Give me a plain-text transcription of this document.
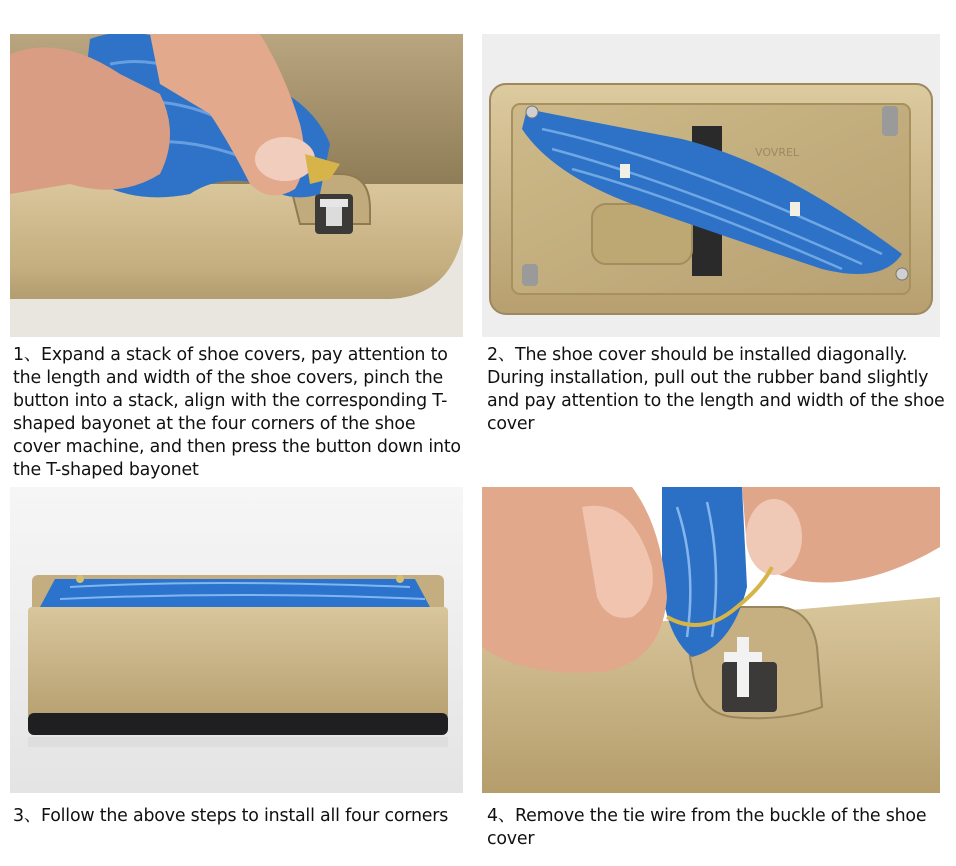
1、Expand a stack of shoe covers, pay attention to the length and width of the shoe covers, pinch the button into a stack, align with the corresponding T-shaped bayonet at the four corners of the shoe cover machine, and then press the button down into the T-shaped bayonet
VOVREL
2、The shoe cover should be installed diagonally. During installation, pull out the rubber band slightly and pay attention to the length and width of the shoe cover
3、Follow the above steps to install all four corners	4、Remove the tie wire from the buckle of the shoe cover
